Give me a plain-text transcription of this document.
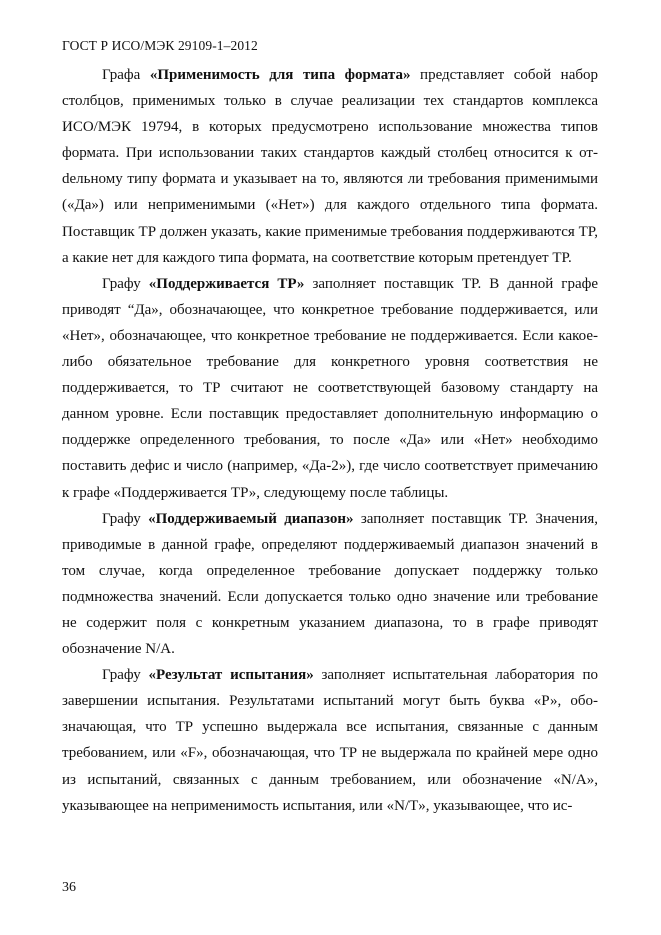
ГОСТ Р ИСО/МЭК 29109-1–2012

Графа «Применимость для типа формата» представляет собой набор столбцов, применимых только в случае реализации тех стандартов комплекса ИСО/МЭК 19794, в которых предусмотрено использование множества типов формата. При использовании таких стандартов каждый столбец относится к отdельному типу формата и указывает на то, являются ли требования применимыми («Да») или неприменимыми («Нет») для каждого отдельного типа формата. Поставщик ТР должен указать, какие применимые требования поддерживаются ТР, а какие нет для каждого типа формата, на соответствие которым претендует ТР.

Графу «Поддерживается ТР» заполняет поставщик ТР. В данной графе приводят “Да», обозначающее, что конкретное требование поддерживается, или «Нет», обозначающее, что конкретное требование не поддерживается. Если какое-либо обязательное требование для конкретного уровня соответствия не поддерживается, то ТР считают не соответствующей базовому стандарту на данном уровне. Если поставщик предоставляет дополнительную информацию о поддержке определенного требования, то после «Да» или «Нет» необходимо поставить дефис и число (например, «Да-2»), где число соответствует примечанию к графе «Поддерживается ТР», следующему после таблицы.

Графу «Поддерживаемый диапазон» заполняет поставщик ТР. Значения, приводимые в данной графе, определяют поддерживаемый диапазон значений в том случае, когда определенное требование допускает поддержку только подмножества значений. Если допускается только одно значение или требование не содержит поля с конкретным указанием диапазона, то в графе приводят обозначение N/A.

Графу «Результат испытания» заполняет испытательная лаборатория по завершении испытания. Результатами испытаний могут быть буква «Р», обозначающая, что ТР успешно выдержала все испытания, связанные с данным требованием, или «F», обозначающая, что ТР не выдержала по крайней мере одно из испытаний, связанных с данным требованием, или обозначение «N/A», указывающее на неприменимость испытания, или «N/T», указывающее, что ис-

36
